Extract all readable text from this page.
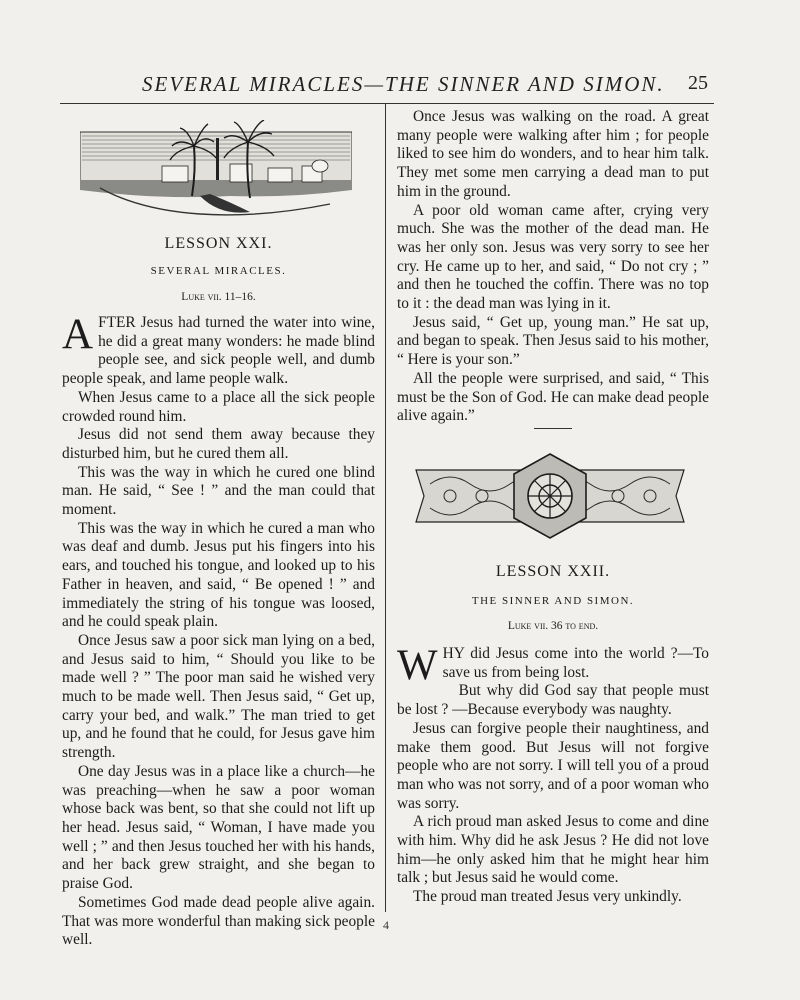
SEVERAL MIRACLES—THE SINNER AND SIMON. 25
LESSON XXI.
SEVERAL MIRACLES.
Luke vii. 11–16.

AFTER Jesus had turned the water into wine, he did a great many wonders: he made blind people see, and sick people well, and dumb people speak, and lame people walk.

When Jesus came to a place all the sick people crowded round him.

Jesus did not send them away because they disturbed him, but he cured them all.

This was the way in which he cured one blind man. He said, “ See ! ” and the man could that moment.

This was the way in which he cured a man who was deaf and dumb. Jesus put his fingers into his ears, and touched his tongue, and looked up to his Father in heaven, and said, “ Be opened ! ” and immediately the string of his tongue was loosed, and he could speak plain.

Once Jesus saw a poor sick man lying on a bed, and Jesus said to him, “ Should you like to be made well ? ” The poor man said he wished very much to be made well. Then Jesus said, “ Get up, carry your bed, and walk.” The man tried to get up, and he found that he could, for Jesus gave him strength.

One day Jesus was in a place like a church—he was preaching—when he saw a poor woman whose back was bent, so that she could not lift up her head. Jesus said, “ Woman, I have made you well ; ” and then Jesus touched her with his hands, and her back grew straight, and she began to praise God.

Sometimes God made dead people alive again. That was more wonderful than making sick people well.

Once Jesus was walking on the road. A great many people were walking after him ; for people liked to see him do wonders, and to hear him talk. They met some men carrying a dead man to put him in the ground.

A poor old woman came after, crying very much. She was the mother of the dead man. He was her only son. Jesus was very sorry to see her cry. He came up to her, and said, “ Do not cry ; ” and then he touched the coffin. There was no top to it : the dead man was lying in it.

Jesus said, “ Get up, young man.” He sat up, and began to speak. Then Jesus said to his mother, “ Here is your son.”

All the people were surprised, and said, “ This must be the Son of God. He can make dead people alive again.”

LESSON XXII.
THE SINNER AND SIMON.
Luke vii. 36 to end.

WHY did Jesus come into the world ?—To save us from being lost.

But why did God say that people must be lost ? —Because everybody was naughty.

Jesus can forgive people their naughtiness, and make them good. But Jesus will not forgive people who are not sorry. I will tell you of a proud man who was not sorry, and of a poor woman who was sorry.

A rich proud man asked Jesus to come and dine with him. Why did he ask Jesus ? He did not love him—he only asked him that he might hear him talk ; but Jesus said he would come.

The proud man treated Jesus very unkindly.

4
